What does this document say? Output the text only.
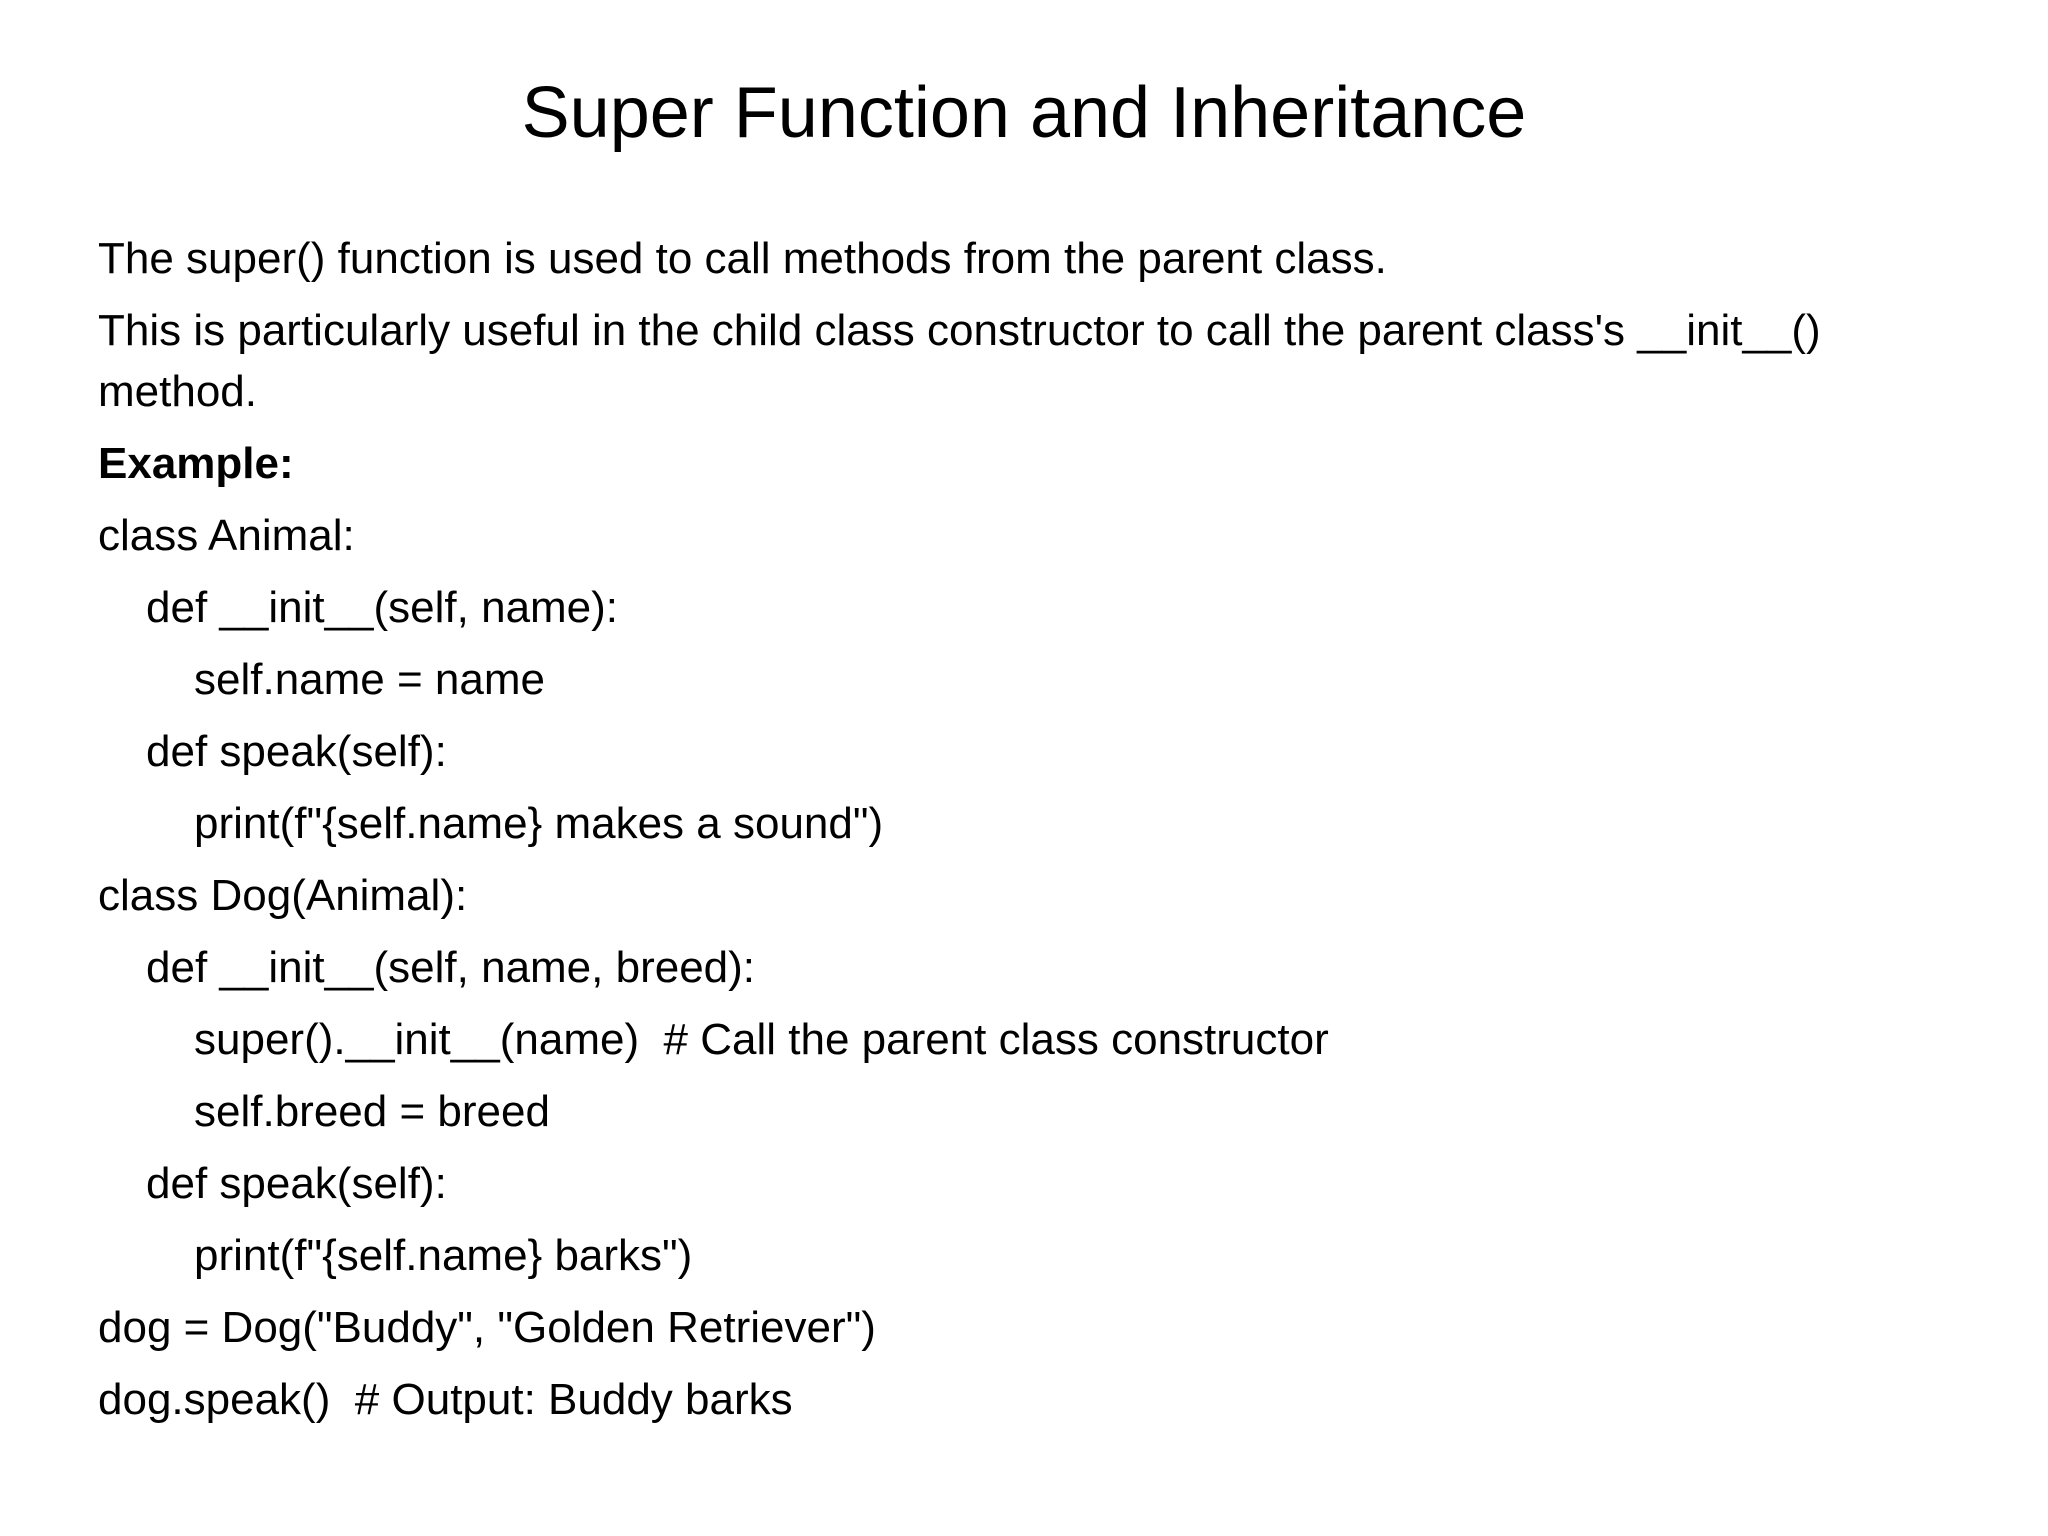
Super Function and Inheritance

The super() function is used to call methods from the parent class.

This is particularly useful in the child class constructor to call the parent class's __init__() method.

Example:

class Animal:
def __init__(self, name):
self.name = name
def speak(self):
print(f"{self.name} makes a sound")
class Dog(Animal):
def __init__(self, name, breed):
super().__init__(name)  # Call the parent class constructor
self.breed = breed
def speak(self):
print(f"{self.name} barks")
dog = Dog("Buddy", "Golden Retriever")
dog.speak()  # Output: Buddy barks
